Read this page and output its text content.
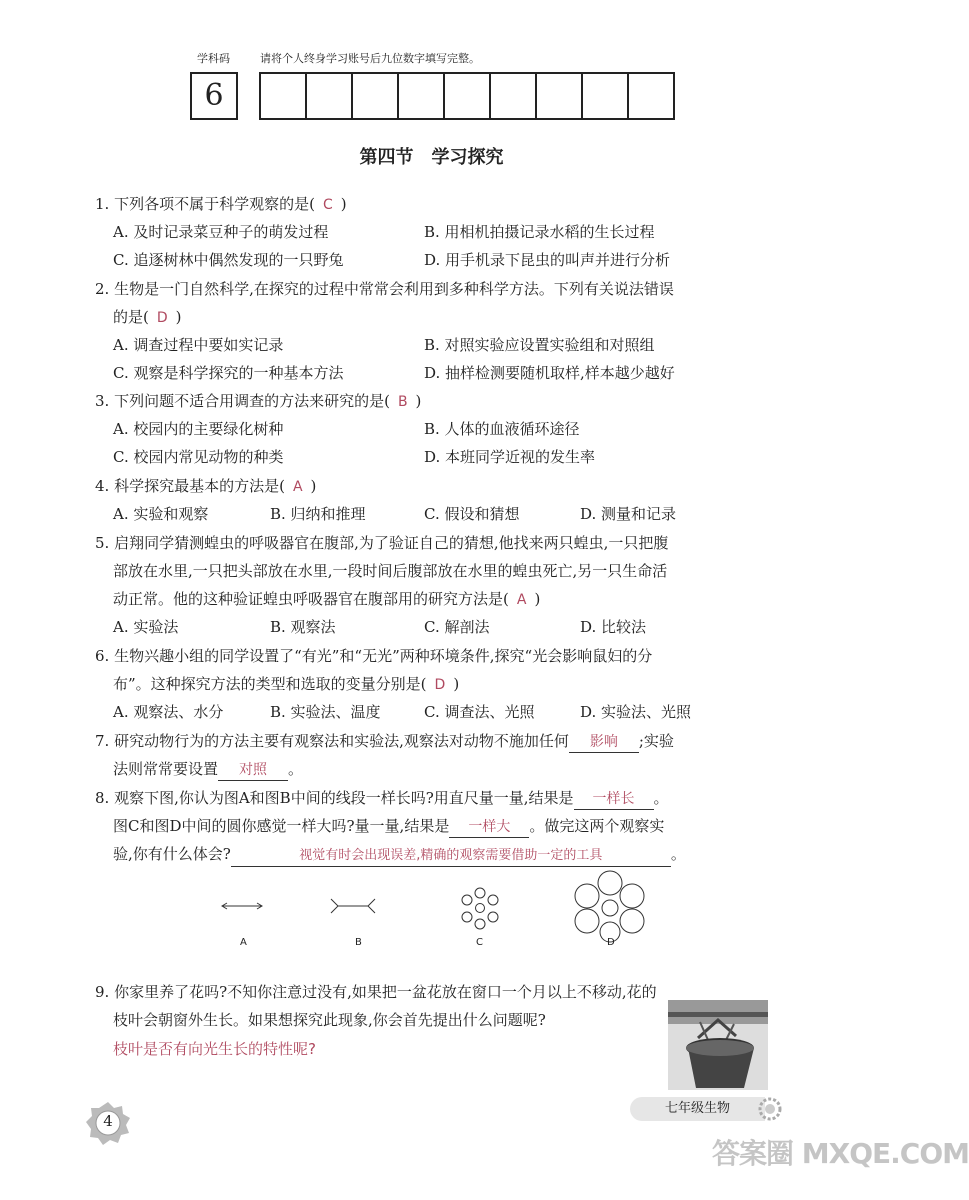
学科码	请将个人终身学习账号后九位数字填写完整。
6
第四节　学习探究
1. 下列各项不属于科学观察的是( C )
A. 及时记录菜豆种子的萌发过程	B. 用相机拍摄记录水稻的生长过程
C. 追逐树林中偶然发现的一只野兔	D. 用手机录下昆虫的叫声并进行分析
2. 生物是一门自然科学,在探究的过程中常常会利用到多种科学方法。下列有关说法错误
的是( D )
A. 调查过程中要如实记录	B. 对照实验应设置实验组和对照组
C. 观察是科学探究的一种基本方法	D. 抽样检测要随机取样,样本越少越好
3. 下列问题不适合用调查的方法来研究的是( B )
A. 校园内的主要绿化树种	B. 人体的血液循环途径
C. 校园内常见动物的种类	D. 本班同学近视的发生率
4. 科学探究最基本的方法是( A )
A. 实验和观察	B. 归纳和推理	C. 假设和猜想	D. 测量和记录
5. 启翔同学猜测蝗虫的呼吸器官在腹部,为了验证自己的猜想,他找来两只蝗虫,一只把腹
部放在水里,一只把头部放在水里,一段时间后腹部放在水里的蝗虫死亡,另一只生命活
动正常。他的这种验证蝗虫呼吸器官在腹部用的研究方法是( A )
A. 实验法	B. 观察法	C. 解剖法	D. 比较法
6. 生物兴趣小组的同学设置了“有光”和“无光”两种环境条件,探究“光会影响鼠妇的分
布”。这种探究方法的类型和选取的变量分别是( D )
A. 观察法、水分	B. 实验法、温度	C. 调查法、光照	D. 实验法、光照
7. 研究动物行为的方法主要有观察法和实验法,观察法对动物不施加任何 影响 ;实验
法则常常要设置 对照 。
8. 观察下图,你认为图A和图B中间的线段一样长吗?用直尺量一量,结果是 一样长 。
图C和图D中间的圆你感觉一样大吗?量一量,结果是 一样大 。做完这两个观察实
验,你有什么体会?	视觉有时会出现误差,精确的观察需要借助一定的工具	。
A	B	C	D
9. 你家里养了花吗?不知你注意过没有,如果把一盆花放在窗口一个月以上不移动,花的
枝叶会朝窗外生长。如果想探究此现象,你会首先提出什么问题呢?
枝叶是否有向光生长的特性呢?
4
七年级生物
答案圈 MXQE.COM
